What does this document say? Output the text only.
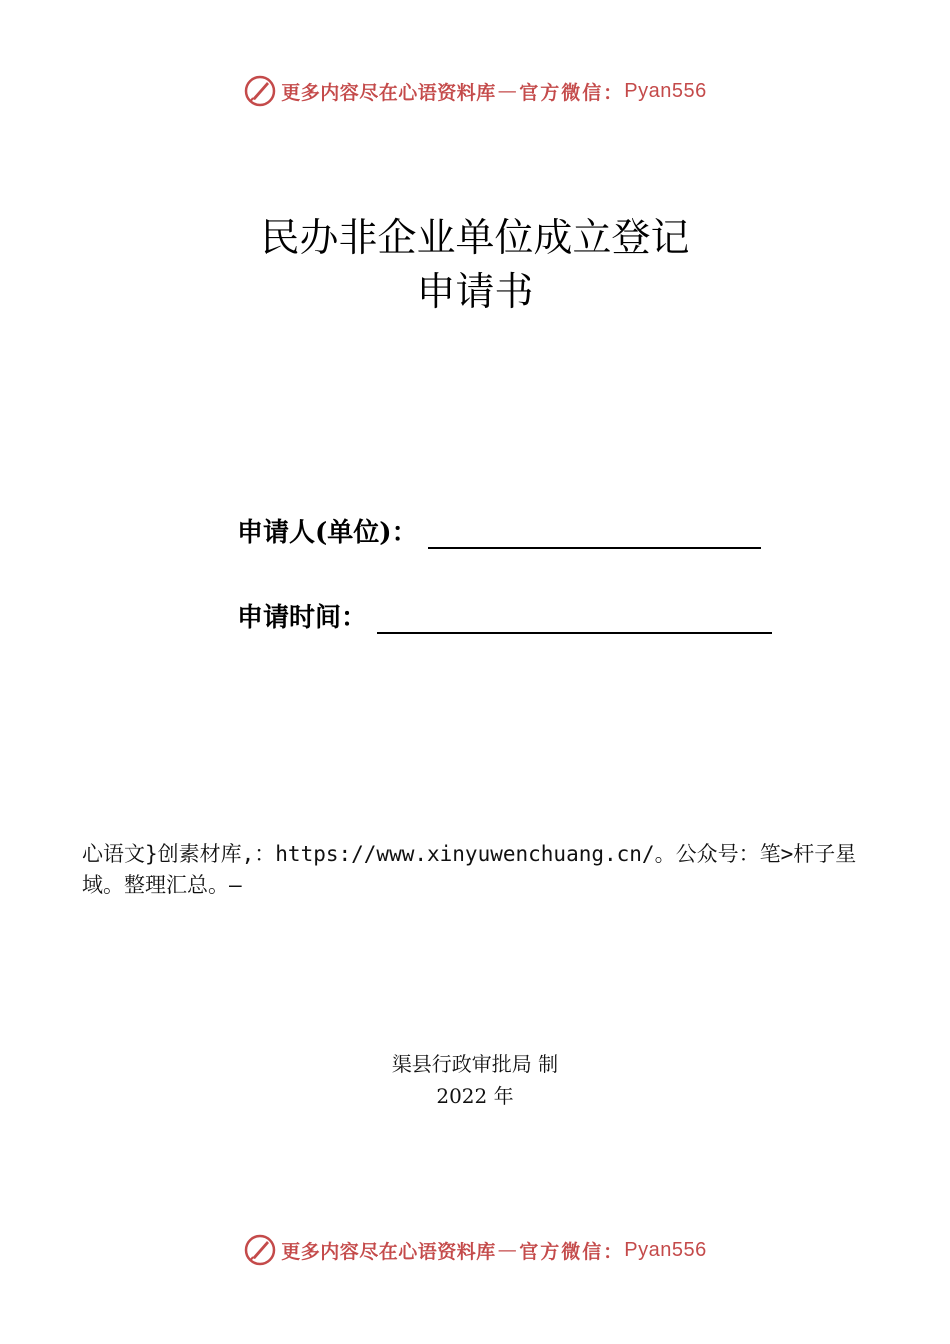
更多内容尽在心语资料库 — 官方微信： Pyan556
民办非企业单位成立登记
申请书
申请人(单位)：
申请时间：
心语文}创素材库,：https://www.xinyuwenchuang.cn/。公众号：笔>杆子星域。整理汇总。—
渠县行政审批局 制
2022 年
更多内容尽在心语资料库 — 官方微信： Pyan556
